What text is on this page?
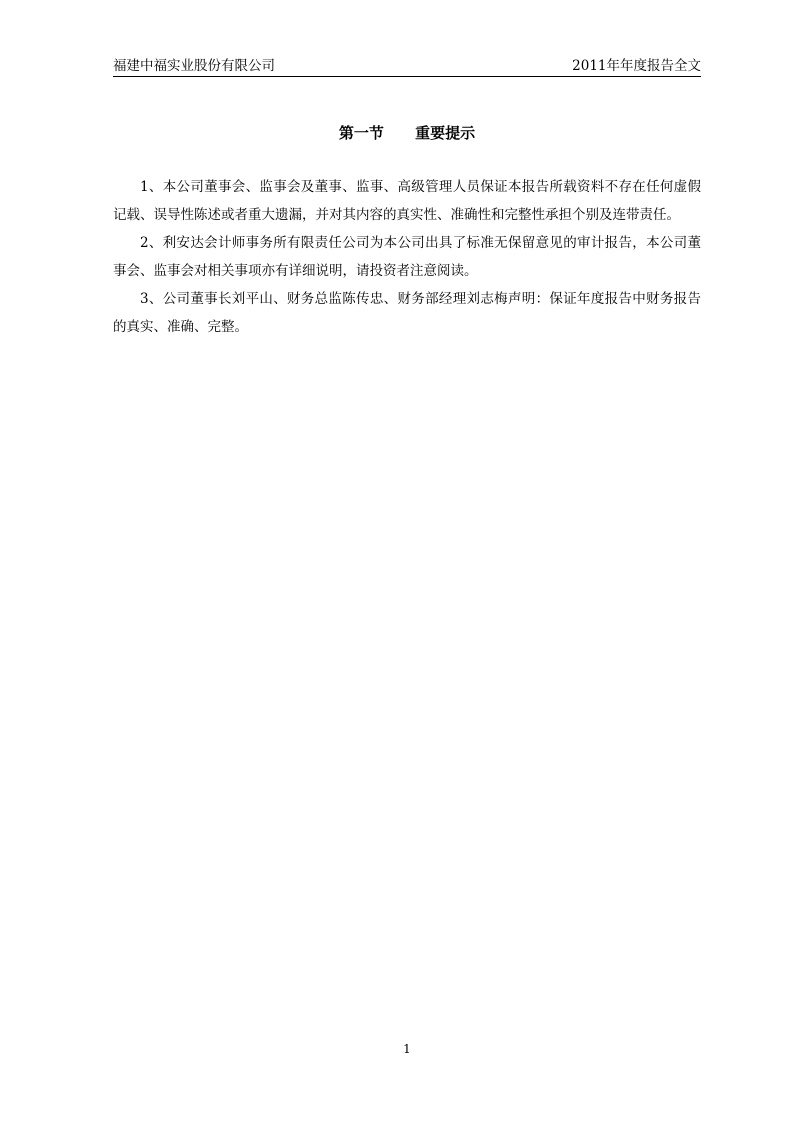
福建中福实业股份有限公司	2011年年度报告全文
第一节      重要提示

1、本公司董事会、监事会及董事、监事、高级管理人员保证本报告所载资料不存在任何虚假记载、误导性陈述或者重大遗漏，并对其内容的真实性、准确性和完整性承担个别及连带责任。

2、利安达会计师事务所有限责任公司为本公司出具了标准无保留意见的审计报告，本公司董事会、监事会对相关事项亦有详细说明，请投资者注意阅读。

3、公司董事长刘平山、财务总监陈传忠、财务部经理刘志梅声明：保证年度报告中财务报告的真实、准确、完整。

1
